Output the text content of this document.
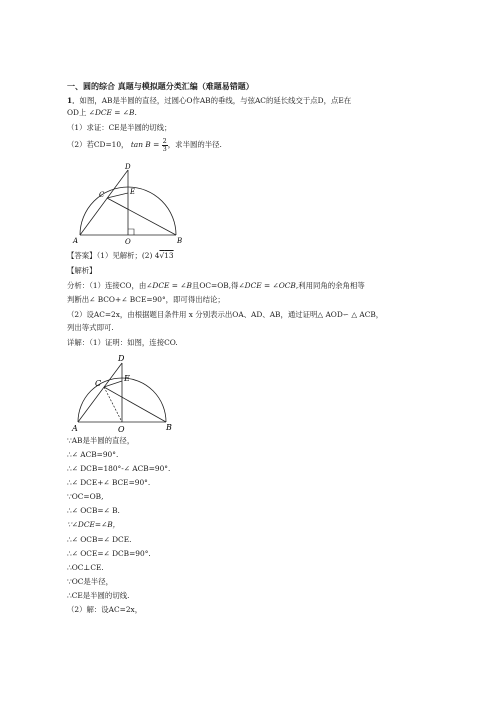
一、圆的综合 真题与模拟题分类汇编（难题易错题）
1．如图，AB是半圆的直径，过圆心O作AB的垂线，与弦AC的延长线交于点D，点E在
OD上 ∠DCE = ∠B.
（1）求证：CE是半圆的切线；
（2）若CD=10， $\tan B = \frac{2}{3}$ ，求半圆的半径.
D
C	E
A	O	B
【答案】（1）见解析；(2) 4√13
【解析】
分析：（1）连接CO，由∠DCE = ∠B且OC=OB,得∠DCE = ∠OCB,利用同角的余角相等
判断出∠ BCO+∠ BCE=90°，即可得出结论；
（2）设AC=2x，由根据题目条件用 x 分别表示出OA、AD、AB，通过证明△ AOD∽ △ ACB，
列出等式即可.
详解：（1）证明：如图，连接CO.
D
C
E
A	O	B
∵AB是半圆的直径，
∴∠ ACB=90°.
∴∠ DCB=180°-∠ ACB=90°.
∴∠ DCE+∠ BCE=90°.
∵OC=OB,
∴∠ OCB=∠ B.
∵∠DCE=∠B，
∴∠ OCB=∠ DCE.
∴∠ OCE=∠ DCB=90°.
∴OC⊥CE.
∵OC是半径，
∴CE是半圆的切线.
（2）解：设AC=2x，
